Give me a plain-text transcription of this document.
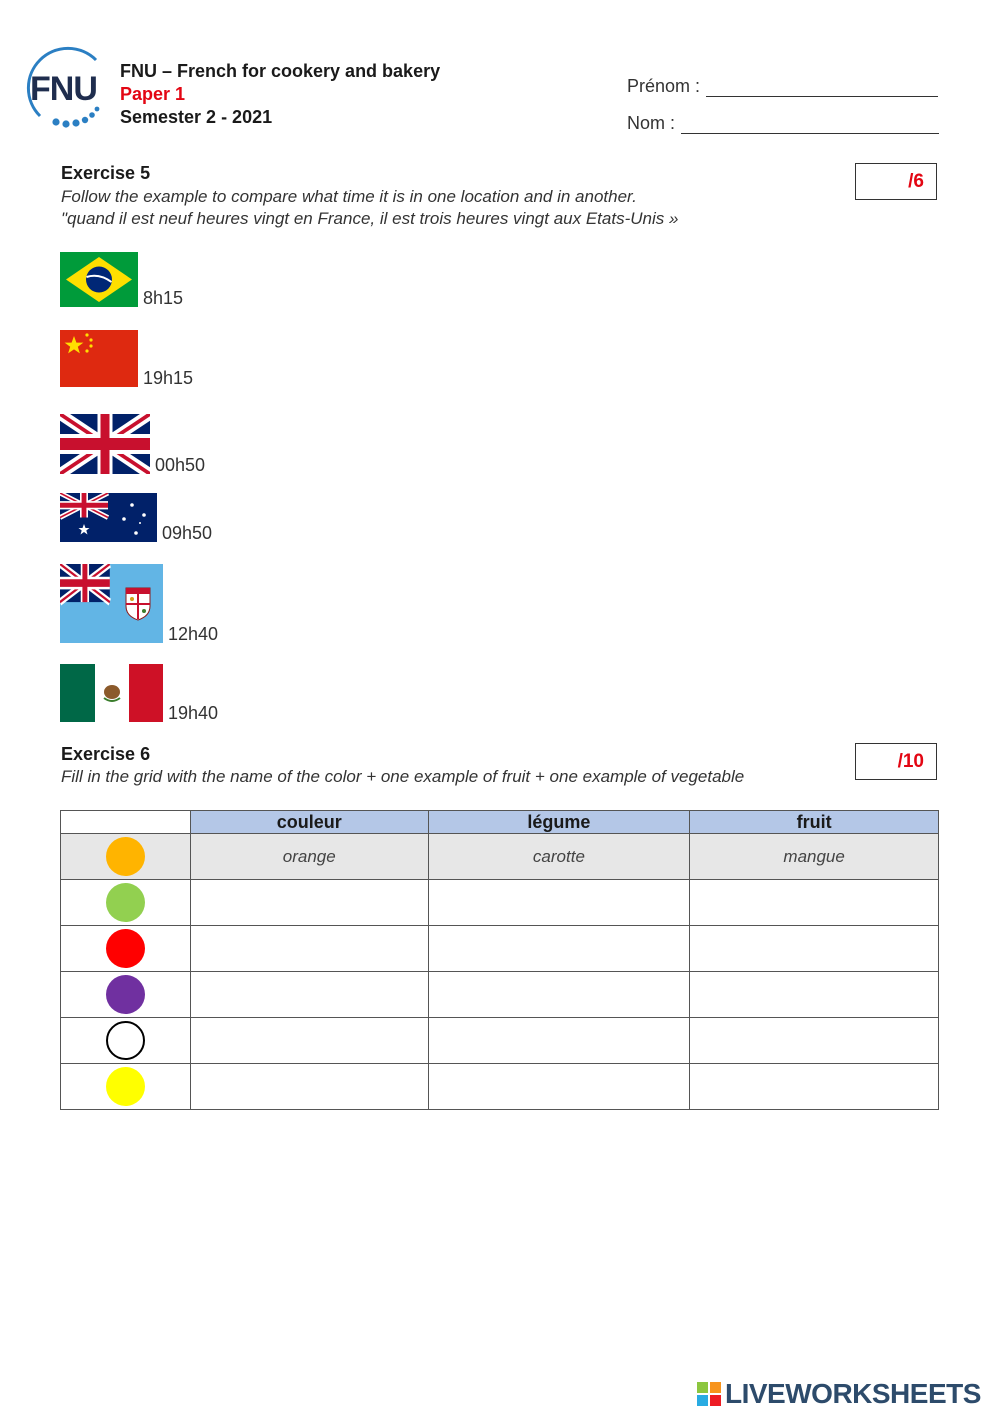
FNU FNU – French for cookery and bakery
Paper 1
Semester 2 - 2021
Prénom :
Nom :
Exercise 5
Follow the example to compare what time it is in one location and in another.
"quand il est neuf heures vingt en France, il est trois heures vingt aux Etats-Unis »
/6
8h15
19h15
00h50
09h50
12h40
19h40
Exercise 6
Fill in the grid with the name of the color + one example of fruit + one example of vegetable
/10
	couleur	légume	fruit
	orange	carotte	mangue

LIVEWORKSHEETS
